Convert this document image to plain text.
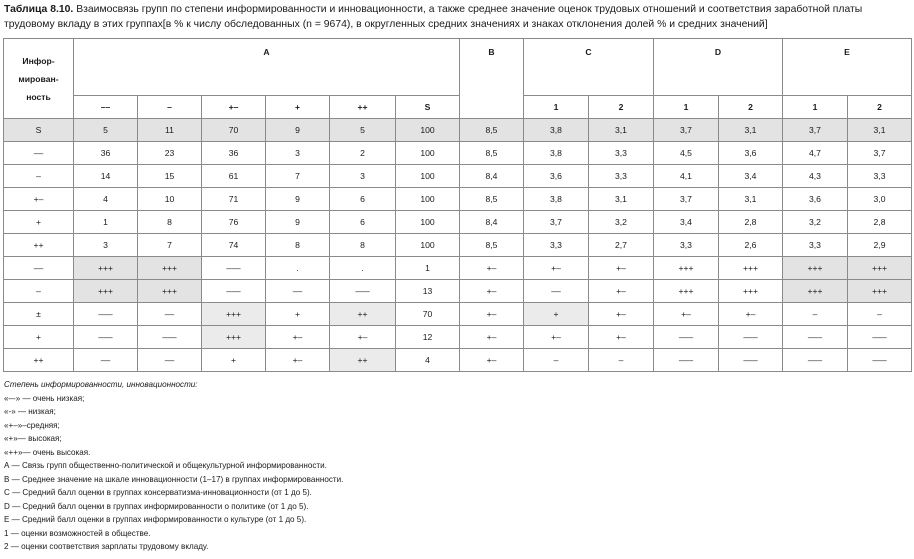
Таблица 8.10. Взаимосвязь групп по степени информированности и инновационности, а также среднее значение оценок трудовых отношений и соответствия заработной платы трудовому вкладу в этих группах[в % к числу обследованных (n = 9674), в округленных средних значениях и знаках отклонения долей % и средних значений]
Инфор-мирован-ность	A						B	C		D		E	
	––	–	+–	+	++	S		1	2	1	2	1	2
S	5	11	70	9	5	100	8,5	3,8	3,1	3,7	3,1	3,7	3,1
––	36	23	36	3	2	100	8,5	3,8	3,3	4,5	3,6	4,7	3,7
–	14	15	61	7	3	100	8,4	3,6	3,3	4,1	3,4	4,3	3,3
+–	4	10	71	9	6	100	8,5	3,8	3,1	3,7	3,1	3,6	3,0
+	1	8	76	9	6	100	8,4	3,7	3,2	3,4	2,8	3,2	2,8
++	3	7	74	8	8	100	8,5	3,3	2,7	3,3	2,6	3,3	2,9
––	+++	+++	–––	.	.	1	+–	+–	+–	+++	+++	+++	+++
–	+++	+++	–––	––	–––	13	+–	––	+–	+++	+++	+++	+++
±	–––	––	+++	+	++	70	+–	+	+–	+–	+–	–	–
+	–––	–––	+++	+–	+–	12	+–	+–	+–	–––	–––	–––	–––
++	––	––	+	+–	++	4	+–	–	–	–––	–––	–––	–––
Степень информированности, инновационности:
«–-» — очень низкая;
«-» — низкая;
«+–»–средняя;
«+»— высокая;
«++»— очень высокая.
А — Связь групп общественно-политической и общекультурной информированности.
В — Среднее значение на шкале инновационности (1–17) в группах информированности.
С — Средний балл оценки в группах консерватизма-инновационности (от 1 до 5).
D — Средний балл оценки в группах информированности о политике (от 1 до 5).
Е — Средний балл оценки в группах информированности о культуре (от 1 до 5).
1 — оценки возможностей в обществе.
2 — оценки соответствия зарплаты трудовому вкладу.
